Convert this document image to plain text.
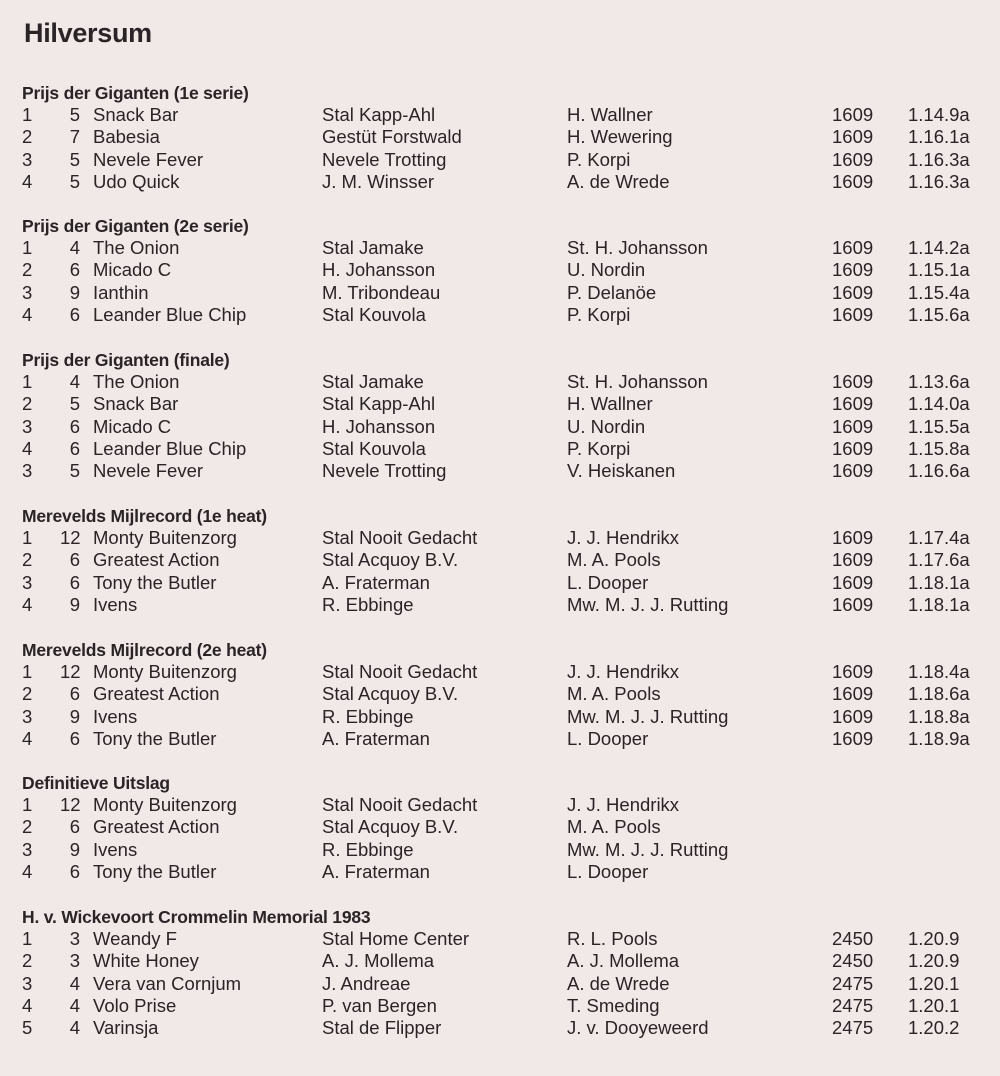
Hilversum
Prijs der Giganten (1e serie)
1	5 Snack Bar	Stal Kapp-Ahl	H. Wallner	1609 1.14.9a
2	7 Babesia	Gestüt Forstwald	H. Wewering	1609 1.16.1a
3	5 Nevele Fever	Nevele Trotting	P. Korpi	1609 1.16.3a
4	5 Udo Quick	J. M. Winsser	A. de Wrede	1609 1.16.3a
Prijs der Giganten (2e serie)
1	4 The Onion	Stal Jamake	St. H. Johansson	1609 1.14.2a
2	6 Micado C	H. Johansson	U. Nordin	1609 1.15.1a
3	9 Ianthin	M. Tribondeau	P. Delanöe	1609 1.15.4a
4	6 Leander Blue Chip	Stal Kouvola	P. Korpi	1609 1.15.6a
Prijs der Giganten (finale)
1	4 The Onion	Stal Jamake	St. H. Johansson	1609 1.13.6a
2	5 Snack Bar	Stal Kapp-Ahl	H. Wallner	1609 1.14.0a
3	6 Micado C	H. Johansson	U. Nordin	1609 1.15.5a
4	6 Leander Blue Chip	Stal Kouvola	P. Korpi	1609 1.15.8a
3	5 Nevele Fever	Nevele Trotting	V. Heiskanen	1609 1.16.6a
Merevelds Mijlrecord (1e heat)
1 12 Monty Buitenzorg	Stal Nooit Gedacht	J. J. Hendrikx	1609 1.17.4a
2	6 Greatest Action	Stal Acquoy B.V.	M. A. Pools	1609 1.17.6a
3	6 Tony the Butler	A. Fraterman	L. Dooper	1609 1.18.1a
4	9 Ivens	R. Ebbinge	Mw. M. J. J. Rutting	1609 1.18.1a
Merevelds Mijlrecord (2e heat)
1 12 Monty Buitenzorg	Stal Nooit Gedacht	J. J. Hendrikx	1609 1.18.4a
2	6 Greatest Action	Stal Acquoy B.V.	M. A. Pools	1609 1.18.6a
3	9 Ivens	R. Ebbinge	Mw. M. J. J. Rutting	1609 1.18.8a
4	6 Tony the Butler	A. Fraterman	L. Dooper	1609 1.18.9a
Definitieve Uitslag
1 12 Monty Buitenzorg	Stal Nooit Gedacht	J. J. Hendrikx
2	6 Greatest Action	Stal Acquoy B.V.	M. A. Pools
3	9 Ivens	R. Ebbinge	Mw. M. J. J. Rutting
4	6 Tony the Butler	A. Fraterman	L. Dooper
H. v. Wickevoort Crommelin Memorial 1983
1	3 Weandy F	Stal Home Center	R. L. Pools	2450 1.20.9
2	3 White Honey	A. J. Mollema	A. J. Mollema	2450 1.20.9
3	4 Vera van Cornjum	J. Andreae	A. de Wrede	2475 1.20.1
4	4 Volo Prise	P. van Bergen	T. Smeding	2475 1.20.1
5	4 Varinsja	Stal de Flipper	J. v. Dooyeweerd	2475 1.20.2
